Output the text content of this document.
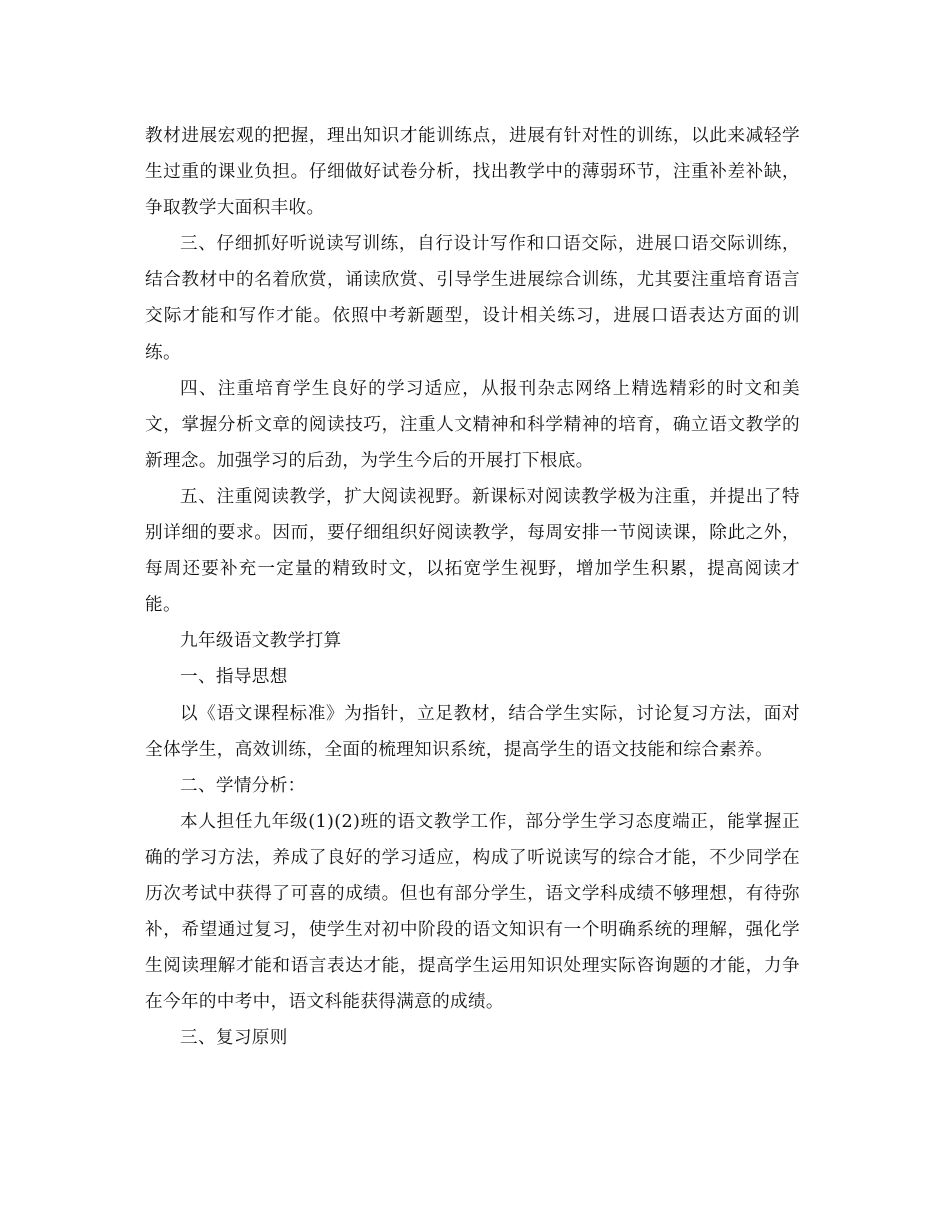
教材进展宏观的把握，理出知识才能训练点，进展有针对性的训练，以此来减轻学生过重的课业负担。仔细做好试卷分析，找出教学中的薄弱环节，注重补差补缺，争取教学大面积丰收。

三、仔细抓好听说读写训练，自行设计写作和口语交际，进展口语交际训练，结合教材中的名着欣赏，诵读欣赏、引导学生进展综合训练，尤其要注重培育语言交际才能和写作才能。依照中考新题型，设计相关练习，进展口语表达方面的训练。

四、注重培育学生良好的学习适应，从报刊杂志网络上精选精彩的时文和美文，掌握分析文章的阅读技巧，注重人文精神和科学精神的培育，确立语文教学的新理念。加强学习的后劲，为学生今后的开展打下根底。

五、注重阅读教学，扩大阅读视野。新课标对阅读教学极为注重，并提出了特别详细的要求。因而，要仔细组织好阅读教学，每周安排一节阅读课，除此之外，每周还要补充一定量的精致时文，以拓宽学生视野，增加学生积累，提高阅读才能。

九年级语文教学打算

一、指导思想

以《语文课程标准》为指针，立足教材，结合学生实际，讨论复习方法，面对全体学生，高效训练，全面的梳理知识系统，提高学生的语文技能和综合素养。

二、学情分析：

本人担任九年级(1)(2)班的语文教学工作，部分学生学习态度端正，能掌握正确的学习方法，养成了良好的学习适应，构成了听说读写的综合才能，不少同学在历次考试中获得了可喜的成绩。但也有部分学生，语文学科成绩不够理想，有待弥补，希望通过复习，使学生对初中阶段的语文知识有一个明确系统的理解，强化学生阅读理解才能和语言表达才能，提高学生运用知识处理实际咨询题的才能，力争在今年的中考中，语文科能获得满意的成绩。

三、复习原则
